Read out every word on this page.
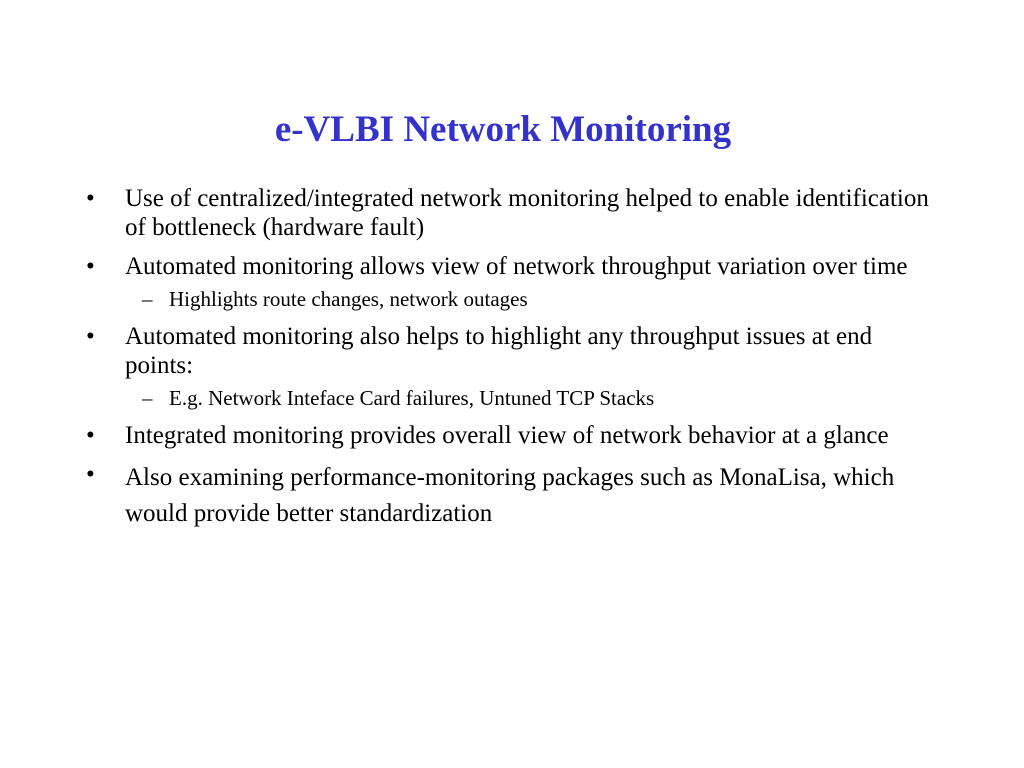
e-VLBI Network Monitoring
•	Use of centralized/integrated network monitoring helped to enable identification of bottleneck (hardware fault)
•	Automated monitoring allows view of network throughput variation over time
– Highlights route changes, network outages
•	Automated monitoring also helps to highlight any throughput issues at end points:
– E.g. Network Inteface Card failures, Untuned TCP Stacks
•	Integrated monitoring provides overall view of network behavior at a glance
•	Also examining performance-monitoring packages such as MonaLisa, which would provide better standardization
